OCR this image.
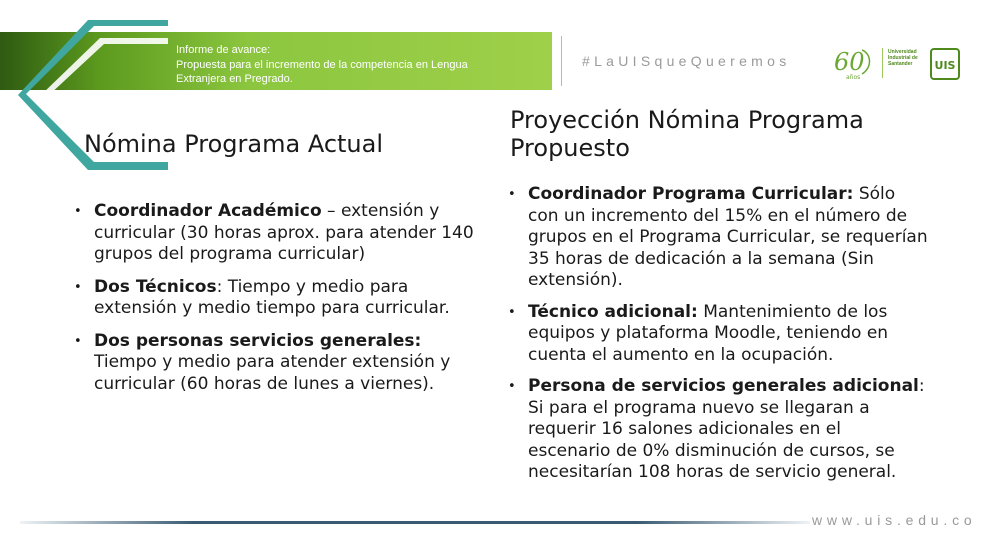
Informe de avance:
Propuesta para el incremento de la competencia en Lengua
Extranjera en Pregrado.
#LaUISqueQueremos 60
años
Universidad
Industrial de
Santander	UIS
Nómina Programa Actual
• Coordinador Académico – extensión y curricular (30 horas aprox. para atender 140 grupos del programa curricular)
• Dos Técnicos: Tiempo y medio para extensión y medio tiempo para curricular.
• Dos personas servicios generales: Tiempo y medio para atender extensión y curricular (60 horas de lunes a viernes).
Proyección Nómina Programa Propuesto
• Coordinador Programa Curricular: Sólo con un incremento del 15% en el número de grupos en el Programa Curricular, se requerían 35 horas de dedicación a la semana (Sin extensión).
• Técnico adicional: Mantenimiento de los equipos y plataforma Moodle, teniendo en cuenta el aumento en la ocupación.
• Persona de servicios generales adicional: Si para el programa nuevo se llegaran a requerir 16 salones adicionales en el escenario de 0% disminución de cursos, se necesitarían 108 horas de servicio general.
www.uis.edu.co
